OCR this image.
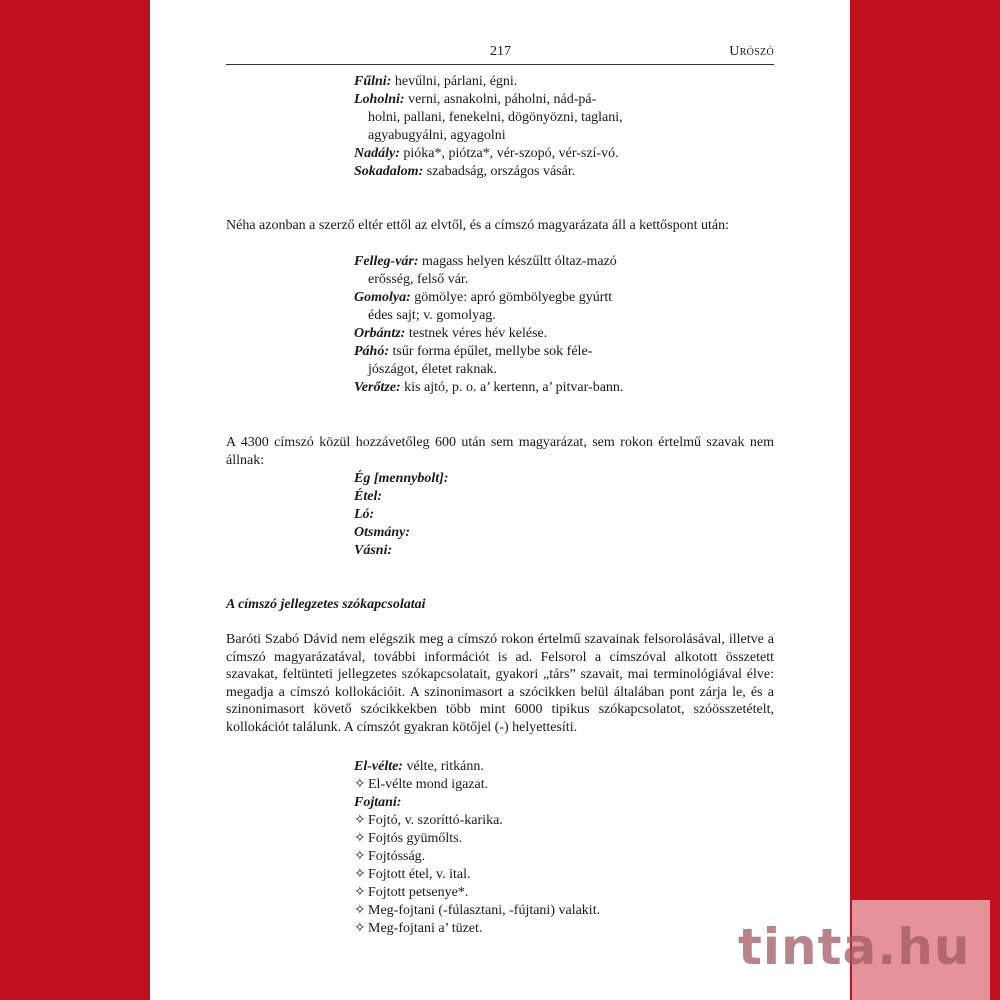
217	Urószó
Fűlni: hevűlni, párlani, égni.
Loholni: verni, asnakolni, páholni, nád-pá-holni, pallani, fenekelni, dögönyözni, taglani, agyabugyálni, agyagolni
Nadály: pióka*, piótza*, vér-szopó, vér-szí-vó.
Sokadalom: szabadság, országos vásár.
Néha azonban a szerző eltér ettől az elvtől, és a címszó magyarázata áll a kettőspont után:
Felleg-vár: magass helyen készűltt óltaz-mazó erősség, felső vár.
Gomolya: gömölye: apró gömbölyegbe gyúrtt édes sajt; v. gomolyag.
Orbántz: testnek véres hév kelése.
Páhó: tsűr forma épűlet, mellybe sok féle-jószágot, életet raknak.
Verőtze: kis ajtó, p. o. a’ kertenn, a’ pitvar-bann.
A 4300 címszó közül hozzávetőleg 600 után sem magyarázat, sem rokon értelmű szavak nem állnak:
Ég [mennybolt]:
Étel:
Ló:
Otsmány:
Vásni:
A címszó jellegzetes szókapcsolatai
Baróti Szabó Dávid nem elégszik meg a címszó rokon értelmű szavainak felsorolásával, illetve a címszó magyarázatával, további információt is ad. Felsorol a címszóval alkotott összetett szavakat, feltünteti jellegzetes szókapcsolatait, gyakori „társ” szavait, mai terminológiával élve: megadja a címszó kollokációit. A szinonimasort a szócikken belül általában pont zárja le, és a szinonimasort követő szócikkekben több mint 6000 tipikus szókapcsolatot, szóösszetételt, kollokációt találunk. A címszót gyakran kötőjel (-) helyettesíti.
El-vélte: vélte, ritkánn.
✧ El-vélte mond igazat.
Fojtani:
✧ Fojtó, v. szoríttó-karika.
✧ Fojtós gyümőlts.
✧ Fojtósság.
✧ Fojtott étel, v. ital.
✧ Fojtott petsenye*.
✧ Meg-fojtani (-fúlasztani, -fújtani) valakit.
✧ Meg-fojtani a’ tüzet.	tinta.hu
